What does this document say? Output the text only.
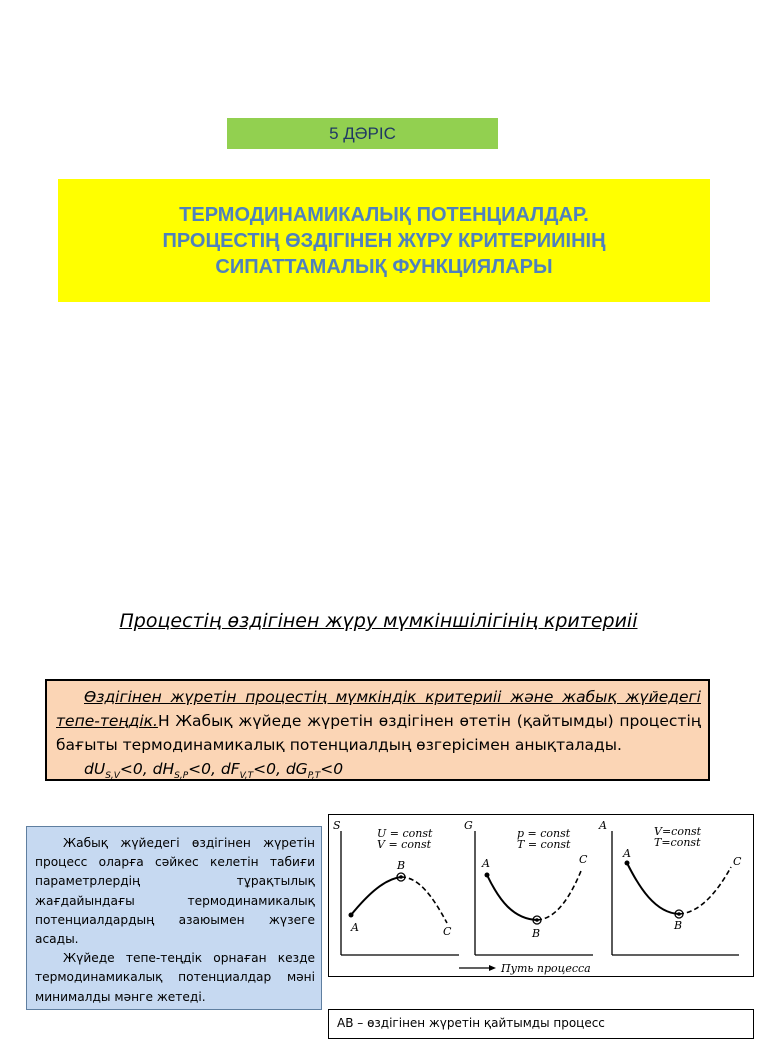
5 ДӘРІС
ТЕРМОДИНАМИКАЛЫҚ ПОТЕНЦИАЛДАР.
ПРОЦЕСТІҢ ӨЗДІГІНЕН ЖҮРУ КРИТЕРИИІНІҢ
СИПАТТАМАЛЫҚ ФУНКЦИЯЛАРЫ
Процестің өздігінен жүру мүмкіншілігінің критериіі
Өздігінен жүретін процестің мүмкіндік критериіі және жабық жүйедегі тепе-теңдік.Н Жабық жүйеде жүретін өздігінен өтетін (қайтымды) процестің бағыты термодинамикалық потенциалдың өзгерісімен анықталады.
$dU_{S,V}<0$, $dH_{S,P}<0$, $dF_{V,T}<0$, $dG_{P,T}<0$

Жабық жүйедегі өздігінен жүретін процесс оларға сәйкес келетін табиғи параметрлердің тұрақтылық жағдайындағы термодинамикалық потенциалдардың азаюымен жүзеге асады.

Жүйеде тепе-теңдік орнаған кезде термодинамикалық потенциалдар мәні минималды мәнге жетеді.

S
U = const
V = const
A
B
C
G
p = const
T = const
A
B
C
A	V=const
T=const
A
B
C
Путь процесса
AB – өздігінен жүретін қайтымды процесс
